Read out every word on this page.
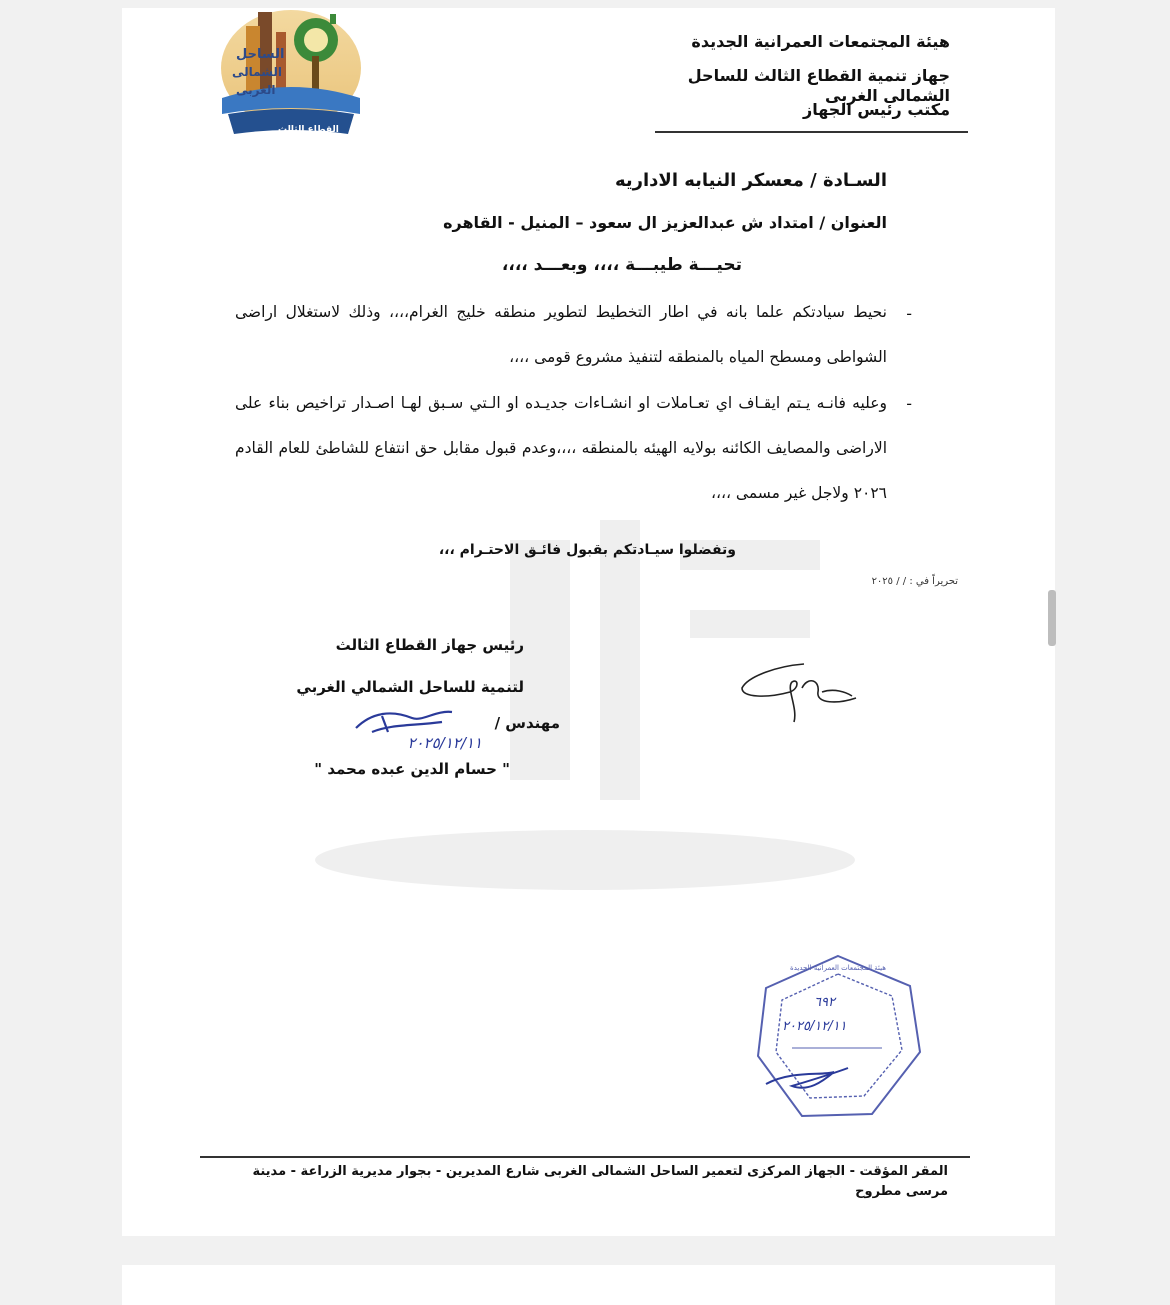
الساحل
الشمالى
الغربى
القطاع الثالث
هيئة المجتمعات العمرانية الجديدة
جهاز تنمية القطاع الثالث للساحل الشمالى الغربى
مكتب رئيس الجهاز
السـادة / معسكر النيابه الاداريه
العنوان / امتداد ش عبدالعزيز ال سعود – المنيل - القاهره
تحيـــة طيبـــة ،،،، وبعـــد ،،،،
-
نحيط سيادتكم علما بانه في اطار التخطيط لتطوير منطقه خليج الغرام،،،، وذلك لاستغلال اراضى الشواطى ومسطح المياه بالمنطقه لتنفيذ مشروع قومى ،،،،
-
وعليه فانـه يـتم ايقـاف اي تعـاملات او انشـاءات جديـده او الـتي سـبق لهـا اصـدار تراخيص بناء على الاراضى والمصايف الكائنه بولايه الهيئه بالمنطقه ،،،،وعدم قبول مقابل حق انتفاع للشاطئ للعام القادم ٢٠٢٦ ولاجل غير مسمى ،،،،
وتفضلوا سيـادتكم بقبول فائـق الاحتـرام ،،،
تحريراً في : / / ٢٠٢٥
رئيس جهاز القطاع الثالث
لتنمية للساحل الشمالي الغربي
مهندس /
٢٠٢٥/١٢/١١
" حسام الدين عبده محمد "
هيئة المجتمعات العمرانية الجديدة
٦٩٢
٢٠٢٥/١٢/١١
المقر المؤقت - الجهاز المركزى لتعمير الساحل الشمالى الغربى شارع المديرين - بجوار مديرية الزراعة - مدينة مرسى مطروح
